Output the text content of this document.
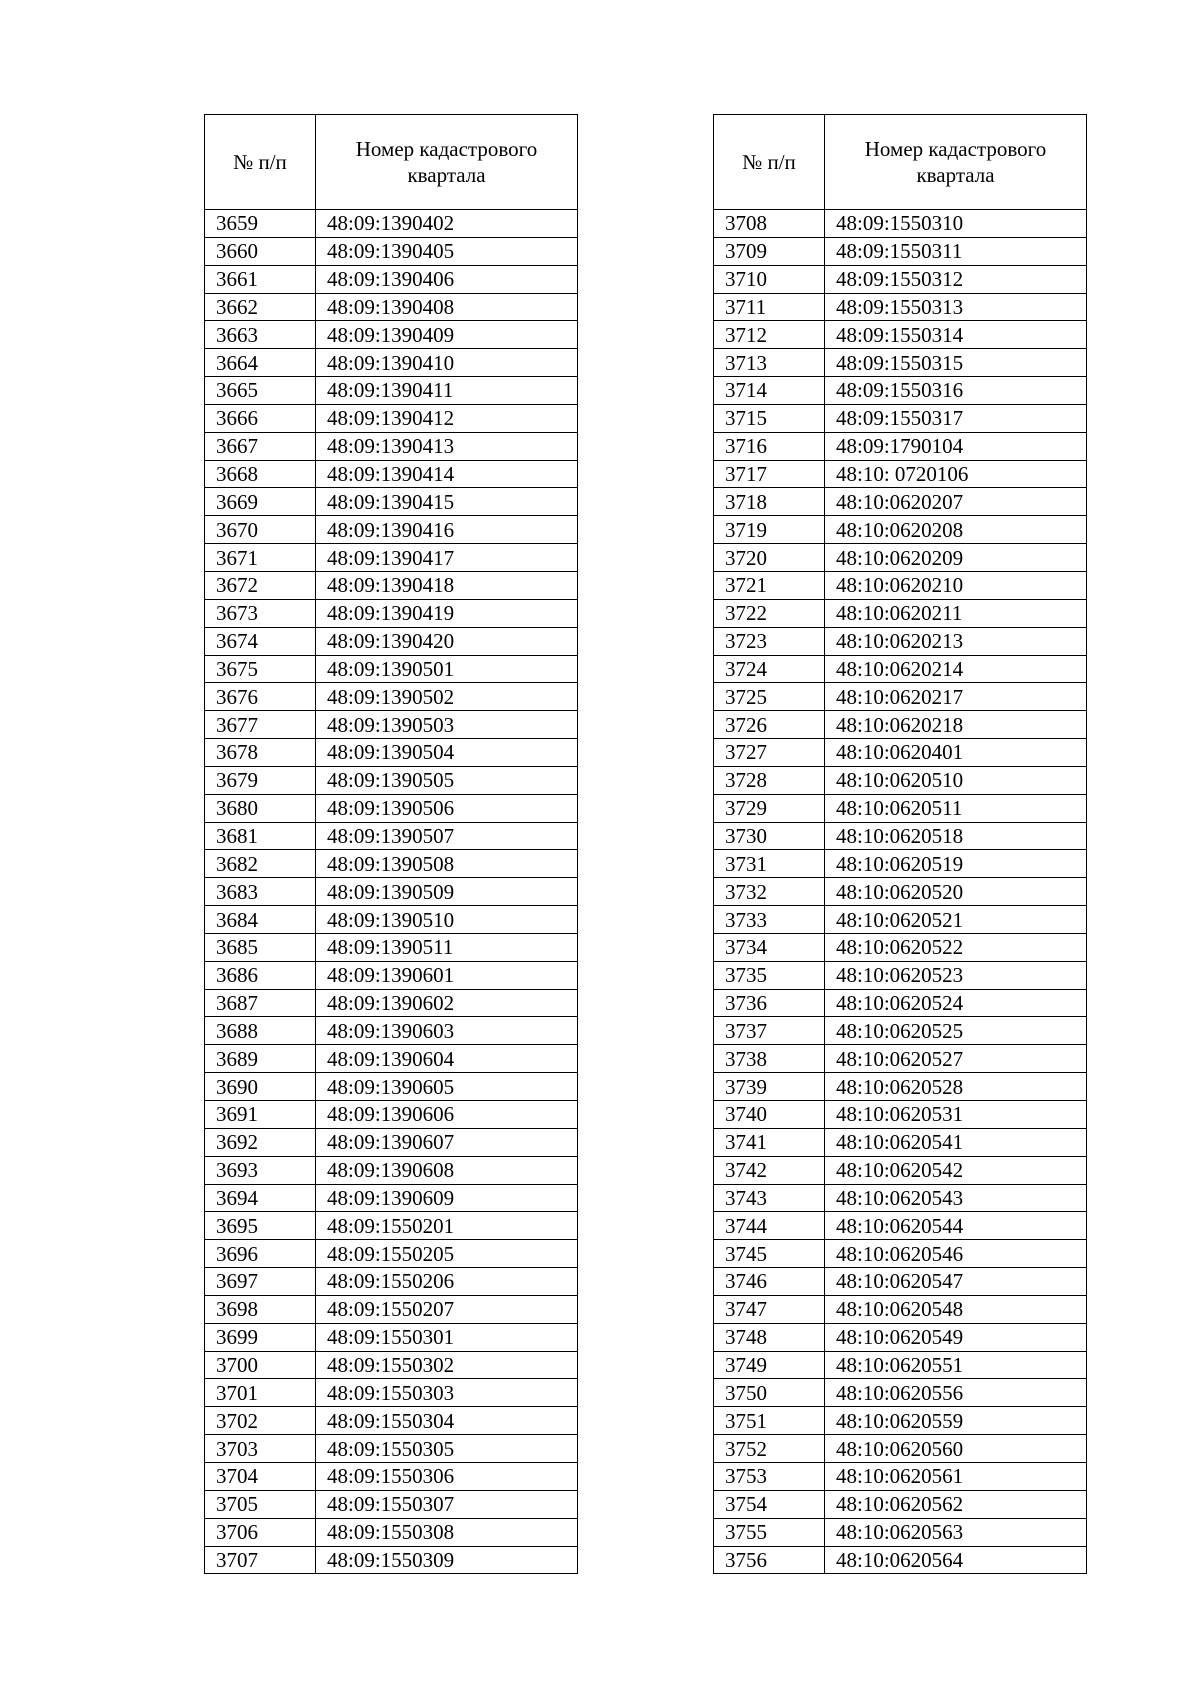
№ п/п	Номер кадастрового квартала
3659	48:09:1390402
3660	48:09:1390405
3661	48:09:1390406
3662	48:09:1390408
3663	48:09:1390409
3664	48:09:1390410
3665	48:09:1390411
3666	48:09:1390412
3667	48:09:1390413
3668	48:09:1390414
3669	48:09:1390415
3670	48:09:1390416
3671	48:09:1390417
3672	48:09:1390418
3673	48:09:1390419
3674	48:09:1390420
3675	48:09:1390501
3676	48:09:1390502
3677	48:09:1390503
3678	48:09:1390504
3679	48:09:1390505
3680	48:09:1390506
3681	48:09:1390507
3682	48:09:1390508
3683	48:09:1390509
3684	48:09:1390510
3685	48:09:1390511
3686	48:09:1390601
3687	48:09:1390602
3688	48:09:1390603
3689	48:09:1390604
3690	48:09:1390605
3691	48:09:1390606
3692	48:09:1390607
3693	48:09:1390608
3694	48:09:1390609
3695	48:09:1550201
3696	48:09:1550205
3697	48:09:1550206
3698	48:09:1550207
3699	48:09:1550301
3700	48:09:1550302
3701	48:09:1550303
3702	48:09:1550304
3703	48:09:1550305
3704	48:09:1550306
3705	48:09:1550307
3706	48:09:1550308
3707	48:09:1550309
№ п/п	Номер кадастрового квартала
3708	48:09:1550310
3709	48:09:1550311
3710	48:09:1550312
3711	48:09:1550313
3712	48:09:1550314
3713	48:09:1550315
3714	48:09:1550316
3715	48:09:1550317
3716	48:09:1790104
3717	48:10: 0720106
3718	48:10:0620207
3719	48:10:0620208
3720	48:10:0620209
3721	48:10:0620210
3722	48:10:0620211
3723	48:10:0620213
3724	48:10:0620214
3725	48:10:0620217
3726	48:10:0620218
3727	48:10:0620401
3728	48:10:0620510
3729	48:10:0620511
3730	48:10:0620518
3731	48:10:0620519
3732	48:10:0620520
3733	48:10:0620521
3734	48:10:0620522
3735	48:10:0620523
3736	48:10:0620524
3737	48:10:0620525
3738	48:10:0620527
3739	48:10:0620528
3740	48:10:0620531
3741	48:10:0620541
3742	48:10:0620542
3743	48:10:0620543
3744	48:10:0620544
3745	48:10:0620546
3746	48:10:0620547
3747	48:10:0620548
3748	48:10:0620549
3749	48:10:0620551
3750	48:10:0620556
3751	48:10:0620559
3752	48:10:0620560
3753	48:10:0620561
3754	48:10:0620562
3755	48:10:0620563
3756	48:10:0620564
